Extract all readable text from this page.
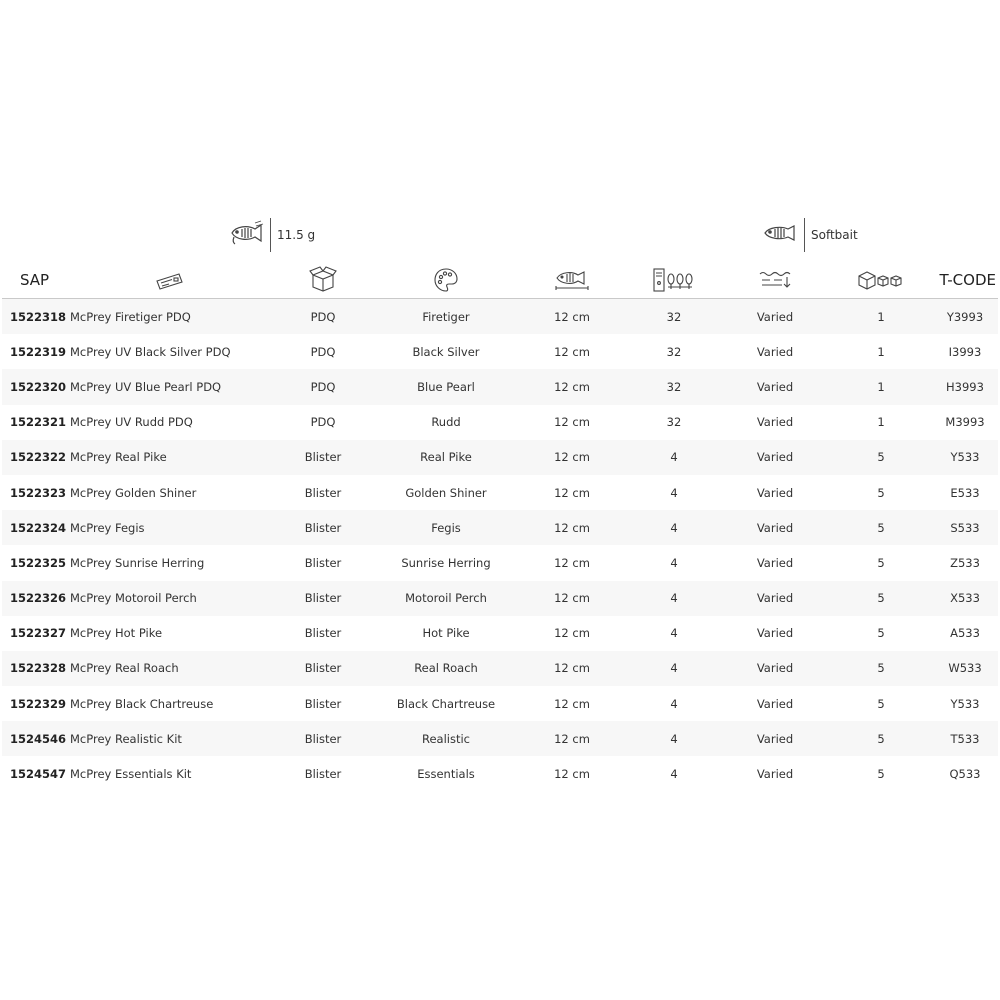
11.5 g	Softbait
SAP								T-CODE
1522318	McPrey Firetiger PDQ	PDQ	Firetiger	12 cm	32	Varied	1	Y3993
1522319	McPrey UV Black Silver PDQ	PDQ	Black Silver	12 cm	32	Varied	1	I3993
1522320	McPrey UV Blue Pearl PDQ	PDQ	Blue Pearl	12 cm	32	Varied	1	H3993
1522321	McPrey UV Rudd PDQ	PDQ	Rudd	12 cm	32	Varied	1	M3993
1522322	McPrey Real Pike	Blister	Real Pike	12 cm	4	Varied	5	Y533
1522323	McPrey Golden Shiner	Blister	Golden Shiner	12 cm	4	Varied	5	E533
1522324	McPrey Fegis	Blister	Fegis	12 cm	4	Varied	5	S533
1522325	McPrey Sunrise Herring	Blister	Sunrise Herring	12 cm	4	Varied	5	Z533
1522326	McPrey Motoroil Perch	Blister	Motoroil Perch	12 cm	4	Varied	5	X533
1522327	McPrey Hot Pike	Blister	Hot Pike	12 cm	4	Varied	5	A533
1522328	McPrey Real Roach	Blister	Real Roach	12 cm	4	Varied	5	W533
1522329	McPrey Black Chartreuse	Blister	Black Chartreuse	12 cm	4	Varied	5	Y533
1524546	McPrey Realistic Kit	Blister	Realistic	12 cm	4	Varied	5	T533
1524547	McPrey Essentials Kit	Blister	Essentials	12 cm	4	Varied	5	Q533
